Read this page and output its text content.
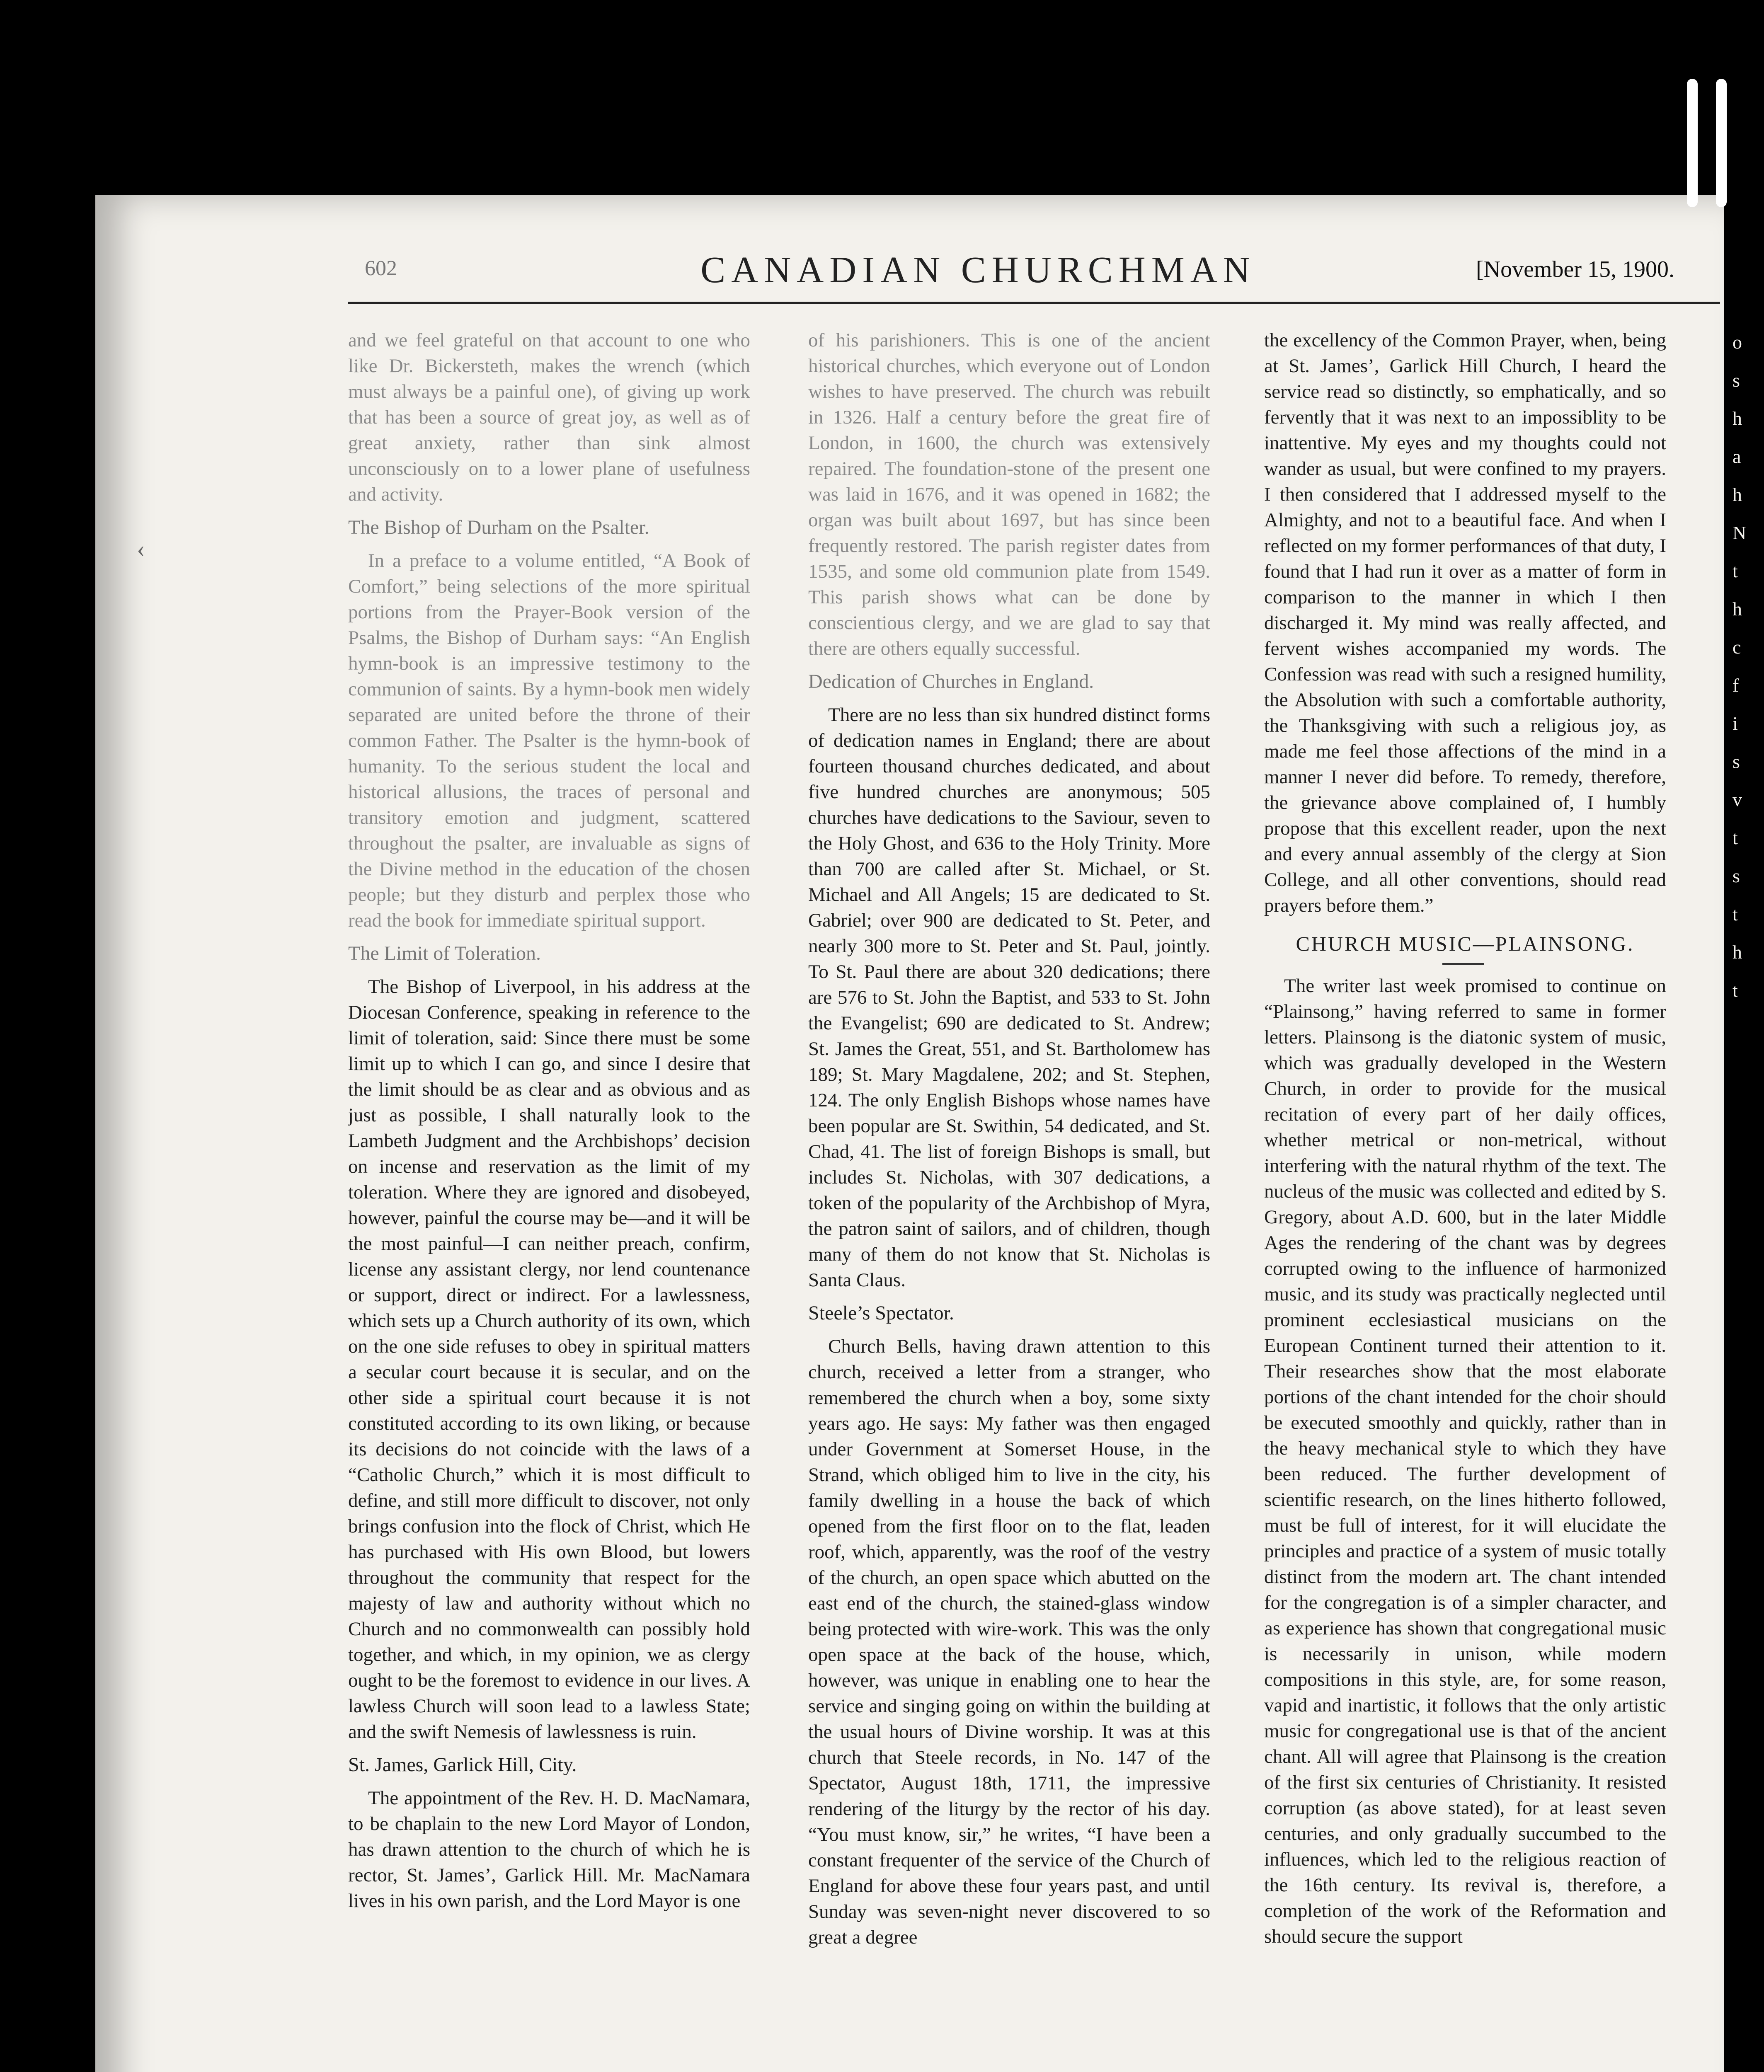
o
s
h
a
h
N
t
h
c
f
i
s
v
t
s
t
h
t
602	CANADIAN CHURCHMAN	[November 15, 1900.
‹

and we feel grateful on that account to one who like Dr. Bickersteth, makes the wrench (which must always be a painful one), of giving up work that has been a source of great joy, as well as of great anxiety, rather than sink almost unconsciously on to a lower plane of usefulness and activity.

The Bishop of Durham on the Psalter.

In a preface to a volume entitled, “A Book of Comfort,” being selections of the more spiritual portions from the Prayer-Book version of the Psalms, the Bishop of Durham says: “An English hymn-book is an impressive testimony to the communion of saints. By a hymn-book men widely separated are united before the throne of their common Father. The Psalter is the hymn-book of humanity. To the serious student the local and historical allusions, the traces of personal and transitory emotion and judgment, scattered throughout the psalter, are invaluable as signs of the Divine method in the education of the chosen people; but they disturb and perplex those who read the book for immediate spiritual support.

The Limit of Toleration.

The Bishop of Liverpool, in his address at the Diocesan Conference, speaking in reference to the limit of toleration, said: Since there must be some limit up to which I can go, and since I desire that the limit should be as clear and as obvious and as just as possible, I shall naturally look to the Lambeth Judgment and the Archbishops’ decision on incense and reservation as the limit of my toleration. Where they are ignored and disobeyed, however, painful the course may be—and it will be the most painful—I can neither preach, confirm, license any assistant clergy, nor lend countenance or support, direct or indirect. For a lawlessness, which sets up a Church authority of its own, which on the one side refuses to obey in spiritual matters a secular court because it is secular, and on the other side a spiritual court because it is not constituted according to its own liking, or because its decisions do not coincide with the laws of a “Catholic Church,” which it is most difficult to define, and still more difficult to discover, not only brings confusion into the flock of Christ, which He has purchased with His own Blood, but lowers throughout the community that respect for the majesty of law and authority without which no Church and no commonwealth can possibly hold together, and which, in my opinion, we as clergy ought to be the foremost to evidence in our lives. A lawless Church will soon lead to a lawless State; and the swift Nemesis of lawlessness is ruin.

St. James, Garlick Hill, City.

The appointment of the Rev. H. D. MacNamara, to be chaplain to the new Lord Mayor of London, has drawn attention to the church of which he is rector, St. James’, Garlick Hill. Mr. MacNamara lives in his own parish, and the Lord Mayor is one

of his parishioners. This is one of the ancient historical churches, which everyone out of London wishes to have preserved. The church was rebuilt in 1326. Half a century before the great fire of London, in 1600, the church was extensively repaired. The foundation-stone of the present one was laid in 1676, and it was opened in 1682; the organ was built about 1697, but has since been frequently restored. The parish register dates from 1535, and some old communion plate from 1549. This parish shows what can be done by conscientious clergy, and we are glad to say that there are others equally successful.

Dedication of Churches in England.

There are no less than six hundred distinct forms of dedication names in England; there are about fourteen thousand churches dedicated, and about five hundred churches are anonymous; 505 churches have dedications to the Saviour, seven to the Holy Ghost, and 636 to the Holy Trinity. More than 700 are called after St. Michael, or St. Michael and All Angels; 15 are dedicated to St. Gabriel; over 900 are dedicated to St. Peter, and nearly 300 more to St. Peter and St. Paul, jointly. To St. Paul there are about 320 dedications; there are 576 to St. John the Baptist, and 533 to St. John the Evangelist; 690 are dedicated to St. Andrew; St. James the Great, 551, and St. Bartholomew has 189; St. Mary Magdalene, 202; and St. Stephen, 124. The only English Bishops whose names have been popular are St. Swithin, 54 dedicated, and St. Chad, 41. The list of foreign Bishops is small, but includes St. Nicholas, with 307 dedications, a token of the popularity of the Archbishop of Myra, the patron saint of sailors, and of children, though many of them do not know that St. Nicholas is Santa Claus.

Steele’s Spectator.

Church Bells, having drawn attention to this church, received a letter from a stranger, who remembered the church when a boy, some sixty years ago. He says: My father was then engaged under Government at Somerset House, in the Strand, which obliged him to live in the city, his family dwelling in a house the back of which opened from the first floor on to the flat, leaden roof, which, apparently, was the roof of the vestry of the church, an open space which abutted on the east end of the church, the stained-glass window being protected with wire-work. This was the only open space at the back of the house, which, however, was unique in enabling one to hear the service and singing going on within the building at the usual hours of Divine worship. It was at this church that Steele records, in No. 147 of the Spectator, August 18th, 1711, the impressive rendering of the liturgy by the rector of his day. “You must know, sir,” he writes, “I have been a constant frequenter of the service of the Church of England for above these four years past, and until Sunday was seven-night never discovered to so great a degree

the excellency of the Common Prayer, when, being at St. James’, Garlick Hill Church, I heard the service read so distinctly, so emphatically, and so fervently that it was next to an impossiblity to be inattentive. My eyes and my thoughts could not wander as usual, but were confined to my prayers. I then considered that I addressed myself to the Almighty, and not to a beautiful face. And when I reflected on my former performances of that duty, I found that I had run it over as a matter of form in comparison to the manner in which I then discharged it. My mind was really affected, and fervent wishes accompanied my words. The Confession was read with such a resigned humility, the Absolution with such a comfortable authority, the Thanksgiving with such a religious joy, as made me feel those affections of the mind in a manner I never did before. To remedy, therefore, the grievance above complained of, I humbly propose that this excellent reader, upon the next and every annual assembly of the clergy at Sion College, and all other conventions, should read prayers before them.”

CHURCH MUSIC—PLAINSONG.

The writer last week promised to continue on “Plainsong,” having referred to same in former letters. Plainsong is the diatonic system of music, which was gradually developed in the Western Church, in order to provide for the musical recitation of every part of her daily offices, whether metrical or non-metrical, without interfering with the natural rhythm of the text. The nucleus of the music was collected and edited by S. Gregory, about A.D. 600, but in the later Middle Ages the rendering of the chant was by degrees corrupted owing to the influence of harmonized music, and its study was practically neglected until prominent ecclesiastical musicians on the European Continent turned their attention to it. Their researches show that the most elaborate portions of the chant intended for the choir should be executed smoothly and quickly, rather than in the heavy mechanical style to which they have been reduced. The further development of scientific research, on the lines hitherto followed, must be full of interest, for it will elucidate the principles and practice of a system of music totally distinct from the modern art. The chant intended for the congregation is of a simpler character, and as experience has shown that congregational music is necessarily in unison, while modern compositions in this style, are, for some reason, vapid and inartistic, it follows that the only artistic music for congregational use is that of the ancient chant. All will agree that Plainsong is the creation of the first six centuries of Christianity. It resisted corruption (as above stated), for at least seven centuries, and only gradually succumbed to the influences, which led to the religious reaction of the 16th century. Its revival is, therefore, a completion of the work of the Reformation and should secure the support
